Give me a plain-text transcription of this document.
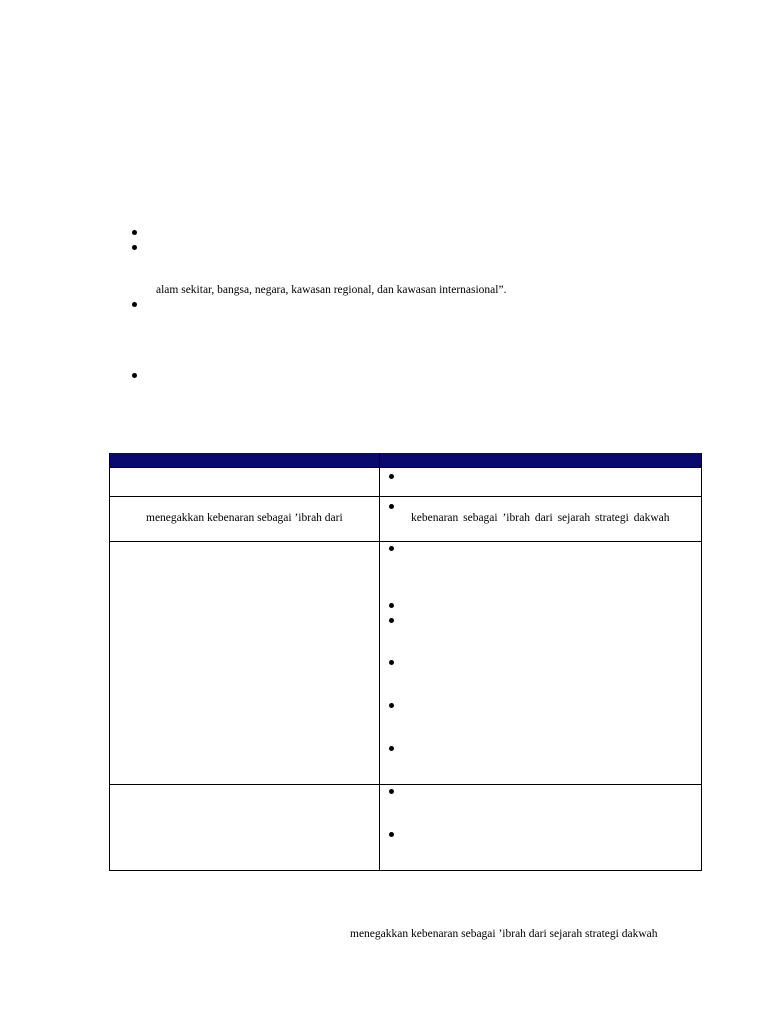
alam sekitar, bangsa, negara, kawasan regional, dan kawasan internasional”.
menegakkan kebenaran sebagai ’ibrah dari	kebenaran sebagai ’ibrah dari sejarah strategi dakwah
menegakkan kebenaran sebagai ’ibrah dari sejarah strategi dakwah
